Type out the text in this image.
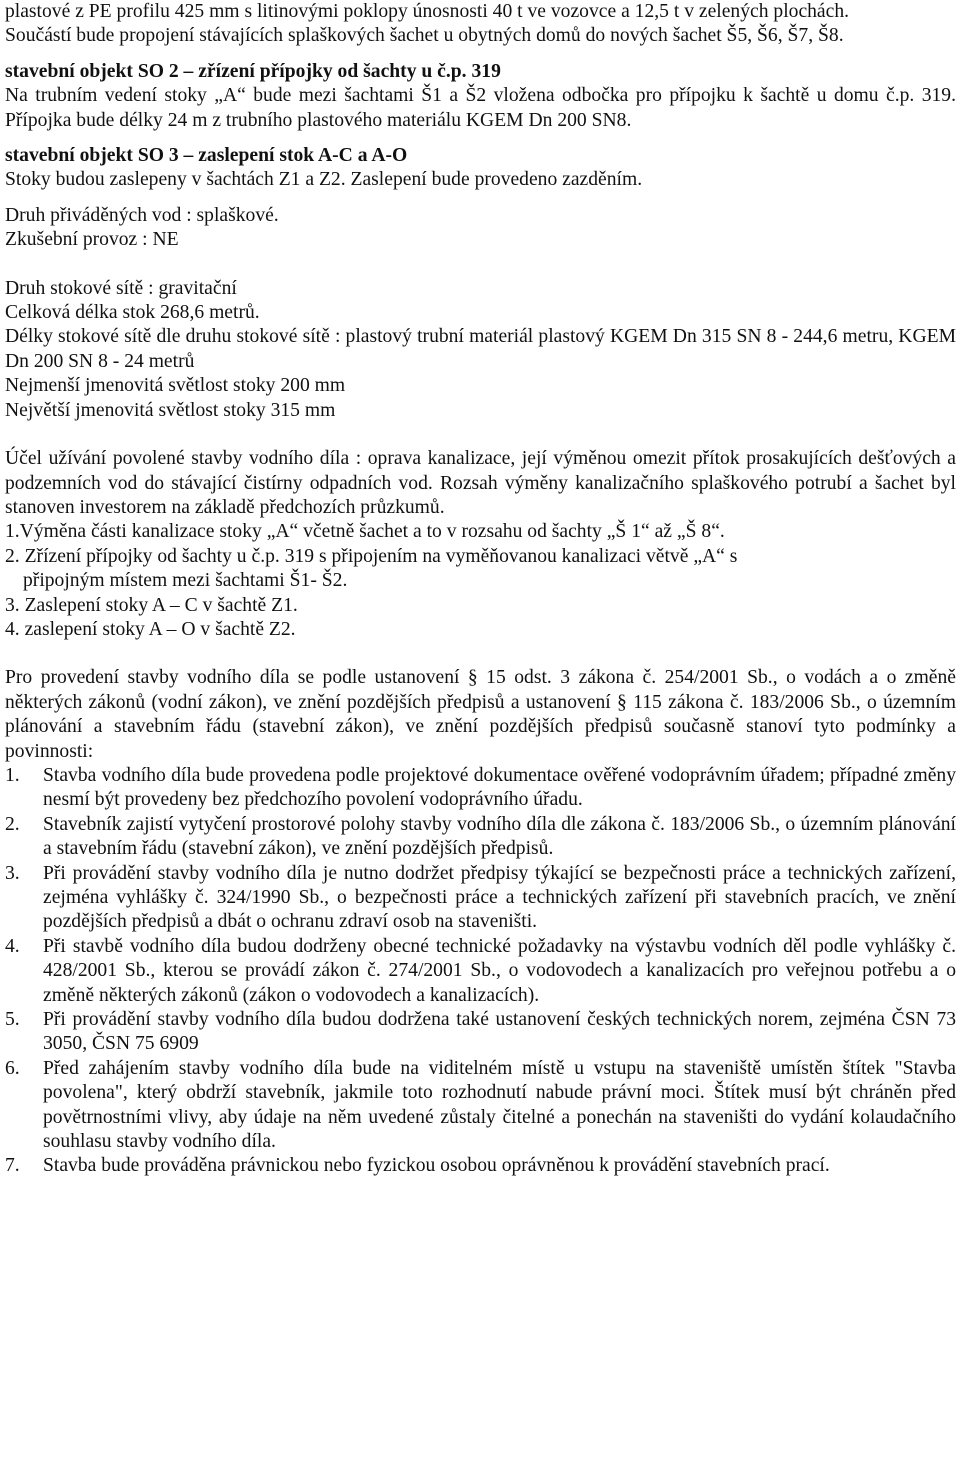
plastové z PE profilu 425 mm s litinovými poklopy únosnosti 40 t ve vozovce a 12,5 t v zelených plochách.

Součástí bude propojení stávajících splaškových šachet u obytných domů do nových šachet Š5, Š6, Š7, Š8.

stavební objekt SO 2 – zřízení přípojky od šachty u č.p. 319

Na trubním vedení stoky „A“ bude mezi šachtami Š1 a Š2 vložena odbočka pro přípojku k šachtě u domu č.p. 319. Přípojka bude délky 24 m z trubního plastového materiálu KGEM Dn 200 SN8.

stavební objekt SO 3 – zaslepení stok A-C a A-O

Stoky budou zaslepeny v šachtách Z1 a Z2. Zaslepení bude provedeno zazděním.

Druh přiváděných vod : splaškové.

Zkušební provoz : NE

Druh stokové sítě : gravitační

Celková délka stok 268,6 metrů.

Délky stokové sítě dle druhu stokové sítě : plastový trubní materiál plastový KGEM Dn 315 SN 8 - 244,6 metru, KGEM Dn 200 SN 8 - 24 metrů

Nejmenší jmenovitá světlost stoky 200 mm

Největší jmenovitá světlost stoky 315 mm

Účel užívání povolené stavby vodního díla : oprava kanalizace, její výměnou omezit přítok prosakujících dešťových a podzemních vod do stávající čistírny odpadních vod. Rozsah výměny kanalizačního splaškového potrubí a šachet byl stanoven investorem na základě předchozích průzkumů.

1.Výměna části kanalizace stoky „A“ včetně šachet a to v rozsahu od šachty „Š 1“ až „Š 8“.

2. Zřízení přípojky od šachty u č.p. 319 s připojením na vyměňovanou kanalizaci větvě „A“ s

připojným místem mezi šachtami Š1- Š2.

3. Zaslepení stoky A – C v šachtě Z1.

4. zaslepení stoky A – O v šachtě Z2.

Pro provedení stavby vodního díla se podle ustanovení § 15 odst. 3 zákona č. 254/2001 Sb., o vodách a o změně některých zákonů (vodní zákon), ve znění pozdějších předpisů a ustanovení § 115 zákona č. 183/2006 Sb., o územním plánování a stavebním řádu (stavební zákon), ve znění pozdějších předpisů současně stanoví tyto podmínky a povinnosti:

1. Stavba vodního díla bude provedena podle projektové dokumentace ověřené vodoprávním úřadem; případné změny nesmí být provedeny bez předchozího povolení vodoprávního úřadu.
2. Stavebník zajistí vytyčení prostorové polohy stavby vodního díla dle zákona č. 183/2006 Sb., o územním plánování a stavebním řádu (stavební zákon), ve znění pozdějších předpisů.
3. Při provádění stavby vodního díla je nutno dodržet předpisy týkající se bezpečnosti práce a technických zařízení, zejména vyhlášky č. 324/1990 Sb., o bezpečnosti práce a technických zařízení při stavebních pracích, ve znění pozdějších předpisů a dbát o ochranu zdraví osob na staveništi.
4. Při stavbě vodního díla budou dodrženy obecné technické požadavky na výstavbu vodních děl podle vyhlášky č. 428/2001 Sb., kterou se provádí zákon č. 274/2001 Sb., o vodovodech a kanalizacích pro veřejnou potřebu a o změně některých zákonů (zákon o vodovodech a kanalizacích).
5. Při provádění stavby vodního díla budou dodržena také ustanovení českých technických norem, zejména ČSN 73 3050, ČSN 75 6909
6. Před zahájením stavby vodního díla bude na viditelném místě u vstupu na staveniště umístěn štítek "Stavba povolena", který obdrží stavebník, jakmile toto rozhodnutí nabude právní moci. Štítek musí být chráněn před povětrnostními vlivy, aby údaje na něm uvedené zůstaly čitelné a ponechán na staveništi do vydání kolaudačního souhlasu stavby vodního díla.
7. Stavba bude prováděna právnickou nebo fyzickou osobou oprávněnou k provádění stavebních prací.
